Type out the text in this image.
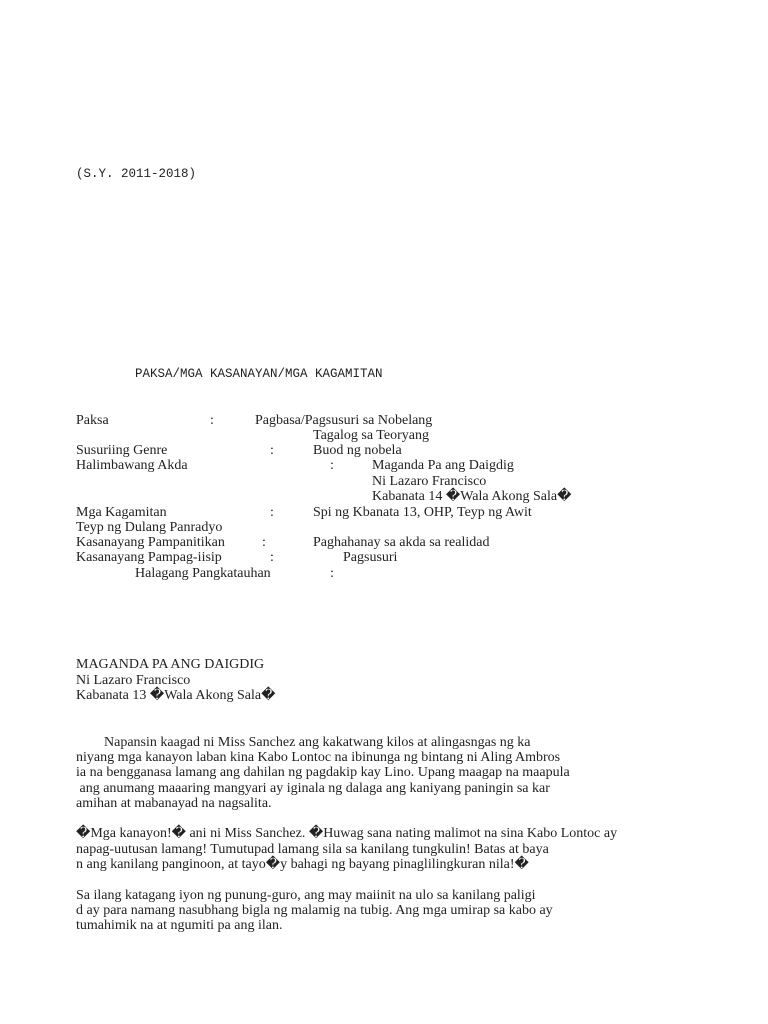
(S.Y. 2011-2018)
PAKSA/MGA KASANAYAN/MGA KAGAMITAN
Paksa	:	Pagbasa/Pagsusuri sa Nobelang
Tagalog sa Teoryang
Susuriing Genre	:	Buod ng nobela
Halimbawang Akda	:	Maganda Pa ang Daigdig
Ni Lazaro Francisco
Kabanata 14 �Wala Akong Sala�
Mga Kagamitan	:	Spi ng Kbanata 13, OHP, Teyp ng Awit
Teyp ng Dulang Panradyo
Kasanayang Pampanitikan	:	Paghahanay sa akda sa realidad
Kasanayang Pampag-iisip	:	Pagsusuri
Halagang Pangkatauhan	:
MAGANDA PA ANG DAIGDIG
Ni Lazaro Francisco
Kabanata 13 �Wala Akong Sala�
Napansin kaagad ni Miss Sanchez ang kakatwang kilos at alingasngas ng ka
niyang mga kanayon laban kina Kabo Lontoc na ibinunga ng bintang ni Aling Ambros
ia na bengganasa lamang ang dahilan ng pagdakip kay Lino. Upang maagap na maapula
ang anumang maaaring mangyari ay iginala ng dalaga ang kaniyang paningin sa kar
amihan at mabanayad na nagsalita.
�Mga kanayon!� ani ni Miss Sanchez. �Huwag sana nating malimot na sina Kabo Lontoc ay
napag-uutusan lamang! Tumutupad lamang sila sa kanilang tungkulin! Batas at baya
n ang kanilang panginoon, at tayo�y bahagi ng bayang pinaglilingkuran nila!�
Sa ilang katagang iyon ng punung-guro, ang may maiinit na ulo sa kanilang paligi
d ay para namang nasubhang bigla ng malamig na tubig. Ang mga umirap sa kabo ay
tumahimik na at ngumiti pa ang ilan.
